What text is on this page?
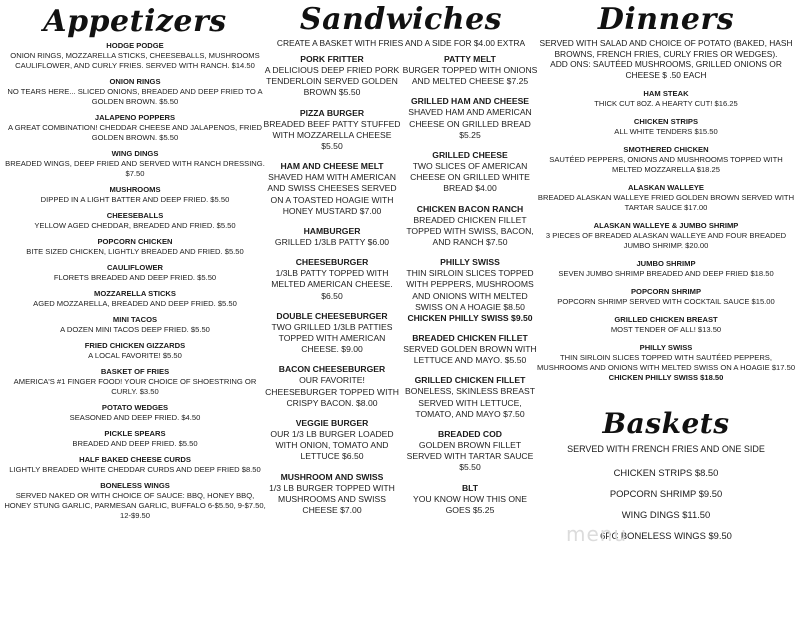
Appetizers
HODGE PODGE
ONION RINGS, MOZZARELLA STICKS, CHEESEBALLS, MUSHROOMS CAULIFLOWER, AND CURLY FRIES. SERVED WITH RANCH. $14.50
ONION RINGS
NO TEARS HERE... SLICED ONIONS, BREADED AND DEEP FRIED TO A GOLDEN BROWN. $5.50
JALAPENO POPPERS
A GREAT COMBINATION! CHEDDAR CHEESE AND JALAPENOS, FRIED GOLDEN BROWN. $5.50
WING DINGS
BREADED WINGS, DEEP FRIED AND SERVED WITH RANCH DRESSING. $7.50
MUSHROOMS
DIPPED IN A LIGHT BATTER AND DEEP FRIED. $5.50
CHEESEBALLS
YELLOW AGED CHEDDAR, BREADED AND FRIED. $5.50
POPCORN CHICKEN
BITE SIZED CHICKEN, LIGHTLY BREADED AND FRIED. $5.50
CAULIFLOWER
FLORETS BREADED AND DEEP FRIED. $5.50
MOZZARELLA STICKS
AGED MOZZARELLA, BREADED AND DEEP FRIED. $5.50
MINI TACOS
A DOZEN MINI TACOS DEEP FRIED. $5.50
FRIED CHICKEN GIZZARDS
A LOCAL FAVORITE! $5.50
BASKET OF FRIES
AMERICA'S #1 FINGER FOOD! YOUR CHOICE OF SHOESTRING OR CURLY. $3.50
POTATO WEDGES
SEASONED AND DEEP FRIED. $4.50
PICKLE SPEARS
BREADED AND DEEP FRIED. $5.50
HALF BAKED CHEESE CURDS
LIGHTLY BREADED WHITE CHEDDAR CURDS AND DEEP FRIED $8.50
BONELESS WINGS
SERVED NAKED OR WITH CHOICE OF SAUCE: BBQ, HONEY BBQ, HONEY STUNG GARLIC, PARMESAN GARLIC, BUFFALO 6-$5.50, 9-$7.50, 12-$9.50
Sandwiches
CREATE A BASKET WITH FRIES AND A SIDE FOR $4.00 EXTRA
PORK FRITTER
A DELICIOUS DEEP FRIED PORK TENDERLOIN SERVED GOLDEN BROWN $5.50
PIZZA BURGER
BREADED BEEF PATTY STUFFED WITH MOZZARELLA CHEESE $5.50
HAM AND CHEESE MELT
SHAVED HAM WITH AMERICAN AND SWISS CHEESES SERVED ON A TOASTED HOAGIE WITH HONEY MUSTARD $7.00
HAMBURGER
GRILLED 1/3LB PATTY $6.00
CHEESEBURGER
1/3LB PATTY TOPPED WITH MELTED AMERICAN CHEESE. $6.50
DOUBLE CHEESEBURGER
TWO GRILLED 1/3LB PATTIES TOPPED WITH AMERICAN CHEESE. $9.00
BACON CHEESEBURGER
OUR FAVORITE! CHEESEBURGER TOPPED WITH CRISPY BACON. $8.00
VEGGIE BURGER
OUR 1/3 LB BURGER LOADED WITH ONION, TOMATO AND LETTUCE $6.50
MUSHROOM AND SWISS
1/3 LB BURGER TOPPED WITH MUSHROOMS AND SWISS CHEESE $7.00
PATTY MELT
BURGER TOPPED WITH ONIONS AND MELTED CHEESE $7.25
GRILLED HAM AND CHEESE
SHAVED HAM AND AMERICAN CHEESE ON GRILLED BREAD $5.25
GRILLED CHEESE
TWO SLICES OF AMERICAN CHEESE ON GRILLED WHITE BREAD $4.00
CHICKEN BACON RANCH
BREADED CHICKEN FILLET TOPPED WITH SWISS, BACON, AND RANCH $7.50
PHILLY SWISS
THIN SIRLOIN SLICES TOPPED WITH PEPPERS, MUSHROOMS AND ONIONS WITH MELTED SWISS ON A HOAGIE $8.50
CHICKEN PHILLY SWISS $9.50
BREADED CHICKEN FILLET
SERVED GOLDEN BROWN WITH LETTUCE AND MAYO. $5.50
GRILLED CHICKEN FILLET
BONELESS, SKINLESS BREAST SERVED WITH LETTUCE, TOMATO, AND MAYO $7.50
BREADED COD
GOLDEN BROWN FILLET SERVED WITH TARTAR SAUCE $5.50
BLT
YOU KNOW HOW THIS ONE GOES $5.25
Dinners
SERVED WITH SALAD AND CHOICE OF POTATO (BAKED, HASH BROWNS, FRENCH FRIES, CURLY FRIES OR WEDGES).
ADD ONS: SAUTÉED MUSHROOMS, GRILLED ONIONS OR CHEESE $ .50 EACH
HAM STEAK
THICK CUT 8OZ. A HEARTY CUT! $16.25
CHICKEN STRIPS
ALL WHITE TENDERS $15.50
SMOTHERED CHICKEN
SAUTÉED PEPPERS, ONIONS AND MUSHROOMS TOPPED WITH MELTED MOZZARELLA $18.25
ALASKAN WALLEYE
BREADED ALASKAN WALLEYE FRIED GOLDEN BROWN SERVED WITH TARTAR SAUCE $17.00
ALASKAN WALLEYE & JUMBO SHRIMP
3 PIECES OF BREADED ALASKAN WALLEYE AND FOUR BREADED JUMBO SHRIMP. $20.00
JUMBO SHRIMP
SEVEN JUMBO SHRIMP BREADED AND DEEP FRIED $18.50
POPCORN SHRIMP
POPCORN SHRIMP SERVED WITH COCKTAIL SAUCE $15.00
GRILLED CHICKEN BREAST
MOST TENDER OF ALL! $13.50
PHILLY SWISS
THIN SIRLOIN SLICES TOPPED WITH SAUTÉED PEPPERS, MUSHROOMS AND ONIONS WITH MELTED SWISS ON A HOAGIE $17.50
CHICKEN PHILLY SWISS $18.50
Baskets
SERVED WITH FRENCH FRIES AND ONE SIDE
CHICKEN STRIPS $8.50
POPCORN SHRIMP $9.50
WING DINGS $11.50
6PC BONELESS WINGS $9.50
menu
